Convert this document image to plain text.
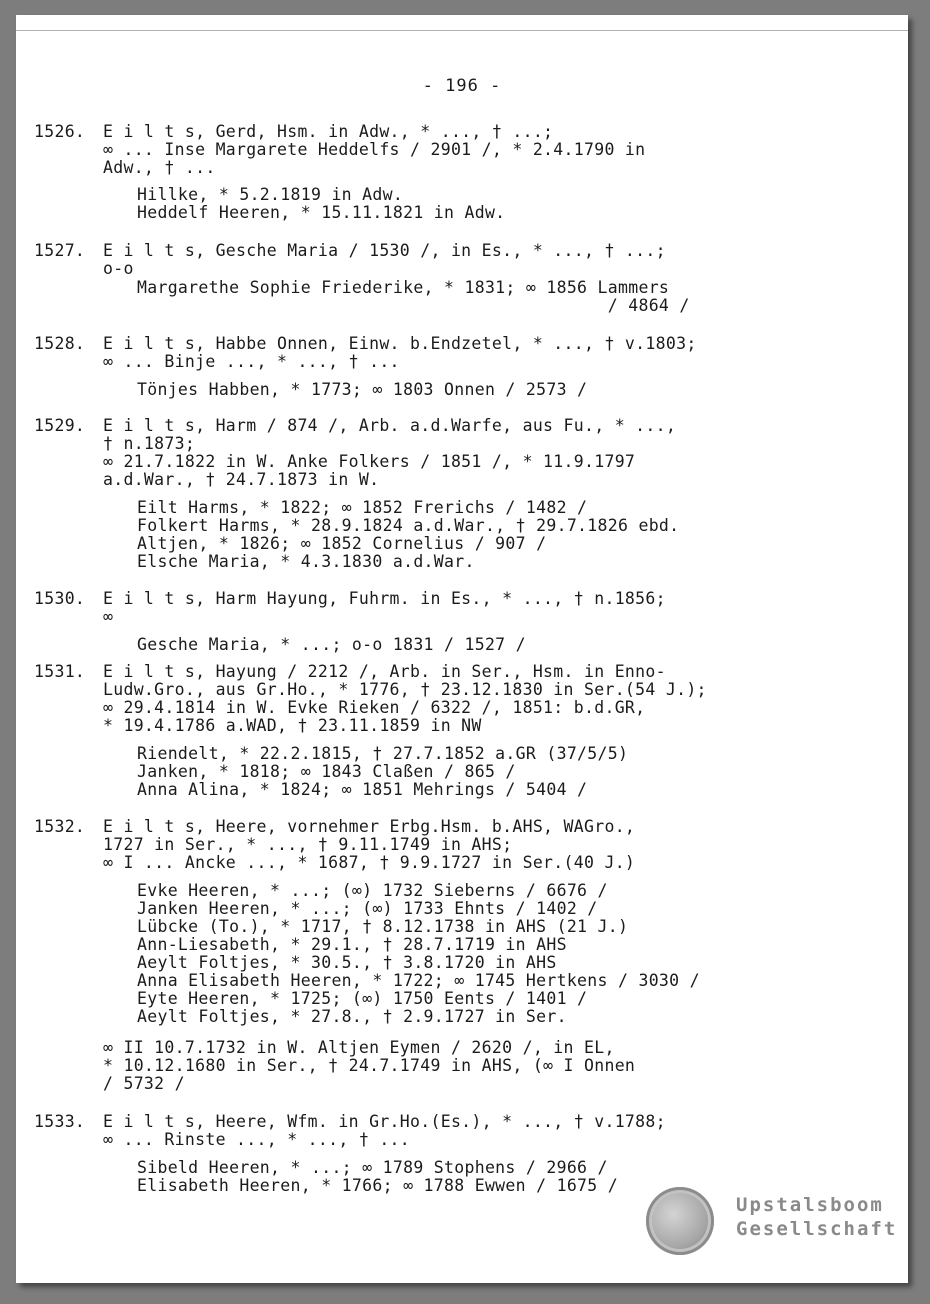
- 196 -
1526. E i l t s, Gerd, Hsm. in Adw., * ..., † ...;
∞ ... Inse Margarete Heddelfs / 2901 /, * 2.4.1790 in
Adw., † ...
Hillke, * 5.2.1819 in Adw.
Heddelf Heeren, * 15.11.1821 in Adw.
1527. E i l t s, Gesche Maria / 1530 /, in Es., * ..., † ...;
o-o
Margarethe Sophie Friederike, * 1831; ∞ 1856 Lammers
/ 4864 /
1528. E i l t s, Habbe Onnen, Einw. b.Endzetel, * ..., † v.1803;
∞ ... Binje ..., * ..., † ...
Tönjes Habben, * 1773; ∞ 1803 Onnen / 2573 /
1529. E i l t s, Harm / 874 /, Arb. a.d.Warfe, aus Fu., * ...,
† n.1873;
∞ 21.7.1822 in W. Anke Folkers / 1851 /, * 11.9.1797
a.d.War., † 24.7.1873 in W.
Eilt Harms, * 1822; ∞ 1852 Frerichs / 1482 /
Folkert Harms, * 28.9.1824 a.d.War., † 29.7.1826 ebd.
Altjen, * 1826; ∞ 1852 Cornelius / 907 /
Elsche Maria, * 4.3.1830 a.d.War.
1530. E i l t s, Harm Hayung, Fuhrm. in Es., * ..., † n.1856;
∞
Gesche Maria, * ...; o-o 1831 / 1527 /
1531. E i l t s, Hayung / 2212 /, Arb. in Ser., Hsm. in Enno-
Ludw.Gro., aus Gr.Ho., * 1776, † 23.12.1830 in Ser.(54 J.);
∞ 29.4.1814 in W. Evke Rieken / 6322 /, 1851: b.d.GR,
* 19.4.1786 a.WAD, † 23.11.1859 in NW
Riendelt, * 22.2.1815, † 27.7.1852 a.GR (37/5/5)
Janken, * 1818; ∞ 1843 Claßen / 865 /
Anna Alina, * 1824; ∞ 1851 Mehrings / 5404 /
1532. E i l t s, Heere, vornehmer Erbg.Hsm. b.AHS, WAGro.,
1727 in Ser., * ..., † 9.11.1749 in AHS;
∞ I ... Ancke ..., * 1687, † 9.9.1727 in Ser.(40 J.)
Evke Heeren, * ...; (∞) 1732 Sieberns / 6676 /
Janken Heeren, * ...; (∞) 1733 Ehnts / 1402 /
Lübcke (To.), * 1717, † 8.12.1738 in AHS (21 J.)
Ann-Liesabeth, * 29.1., † 28.7.1719 in AHS
Aeylt Foltjes, * 30.5., † 3.8.1720 in AHS
Anna Elisabeth Heeren, * 1722; ∞ 1745 Hertkens / 3030 /
Eyte Heeren, * 1725; (∞) 1750 Eents / 1401 /
Aeylt Foltjes, * 27.8., † 2.9.1727 in Ser.
∞ II 10.7.1732 in W. Altjen Eymen / 2620 /, in EL,
* 10.12.1680 in Ser., † 24.7.1749 in AHS, (∞ I Onnen
/ 5732 /
1533. E i l t s, Heere, Wfm. in Gr.Ho.(Es.), * ..., † v.1788;
∞ ... Rinste ..., * ..., † ...
Sibeld Heeren, * ...; ∞ 1789 Stophens / 2966 /
Elisabeth Heeren, * 1766; ∞ 1788 Ewwen / 1675 /
Upstalsboom
Gesellschaft
